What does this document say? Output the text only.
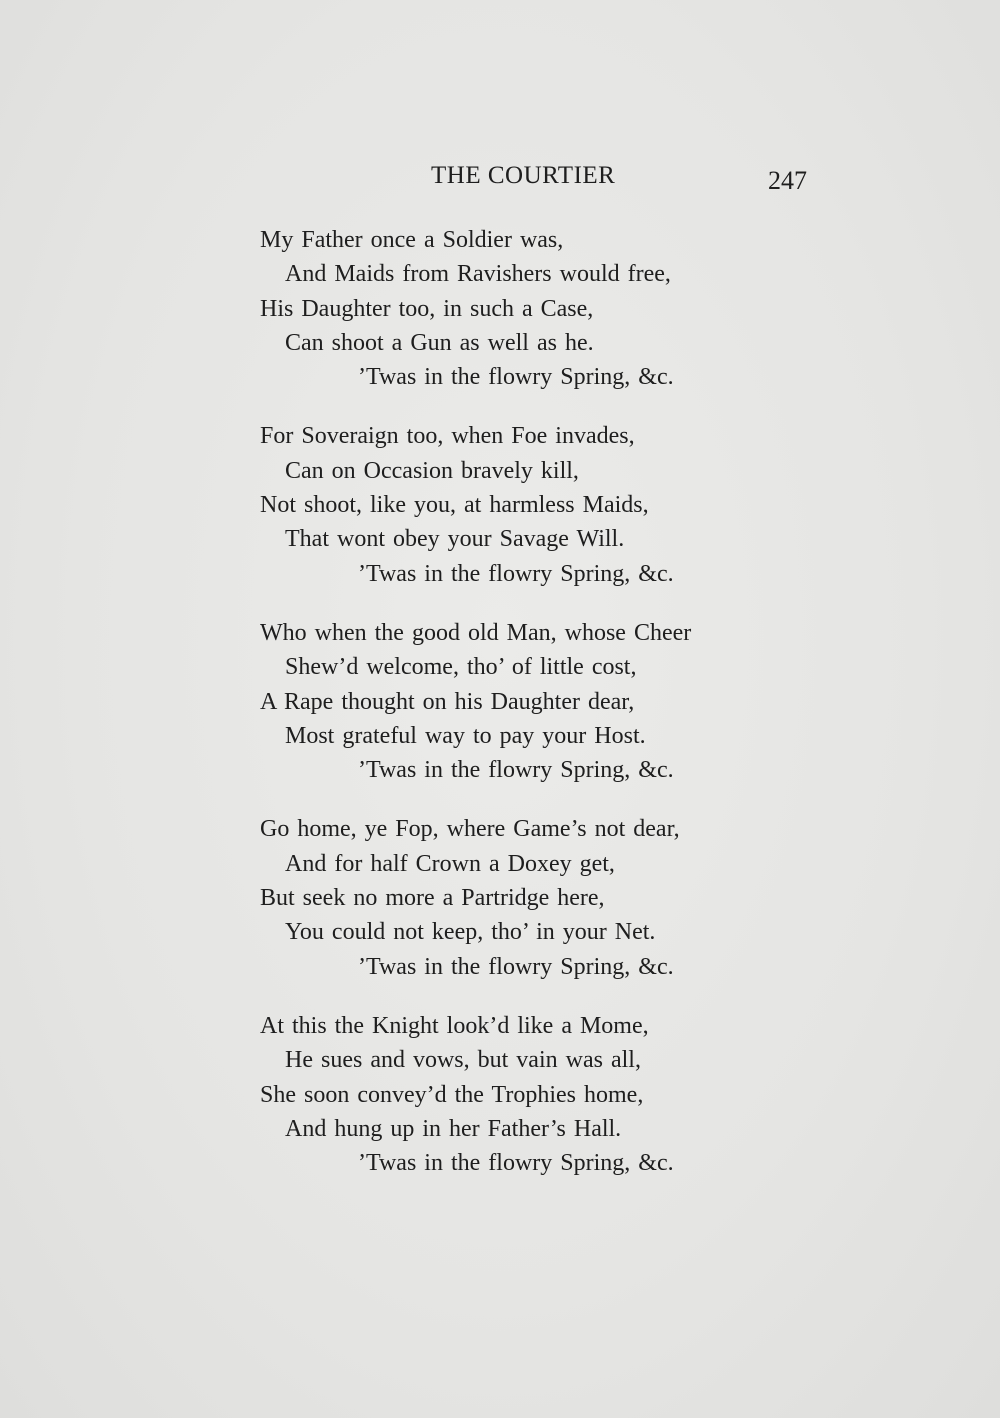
THE COURTIER	247
My Father once a Soldier was,
And Maids from Ravishers would free,
His Daughter too, in such a Case,
Can shoot a Gun as well as he.
’Twas in the flowry Spring, &c.
For Soveraign too, when Foe invades,
Can on Occasion bravely kill,
Not shoot, like you, at harmless Maids,
That wont obey your Savage Will.
’Twas in the flowry Spring, &c.
Who when the good old Man, whose Cheer
Shew’d welcome, tho’ of little cost,
A Rape thought on his Daughter dear,
Most grateful way to pay your Host.
’Twas in the flowry Spring, &c.
Go home, ye Fop, where Game’s not dear,
And for half Crown a Doxey get,
But seek no more a Partridge here,
You could not keep, tho’ in your Net.
’Twas in the flowry Spring, &c.
At this the Knight look’d like a Mome,
He sues and vows, but vain was all,
She soon convey’d the Trophies home,
And hung up in her Father’s Hall.
’Twas in the flowry Spring, &c.
